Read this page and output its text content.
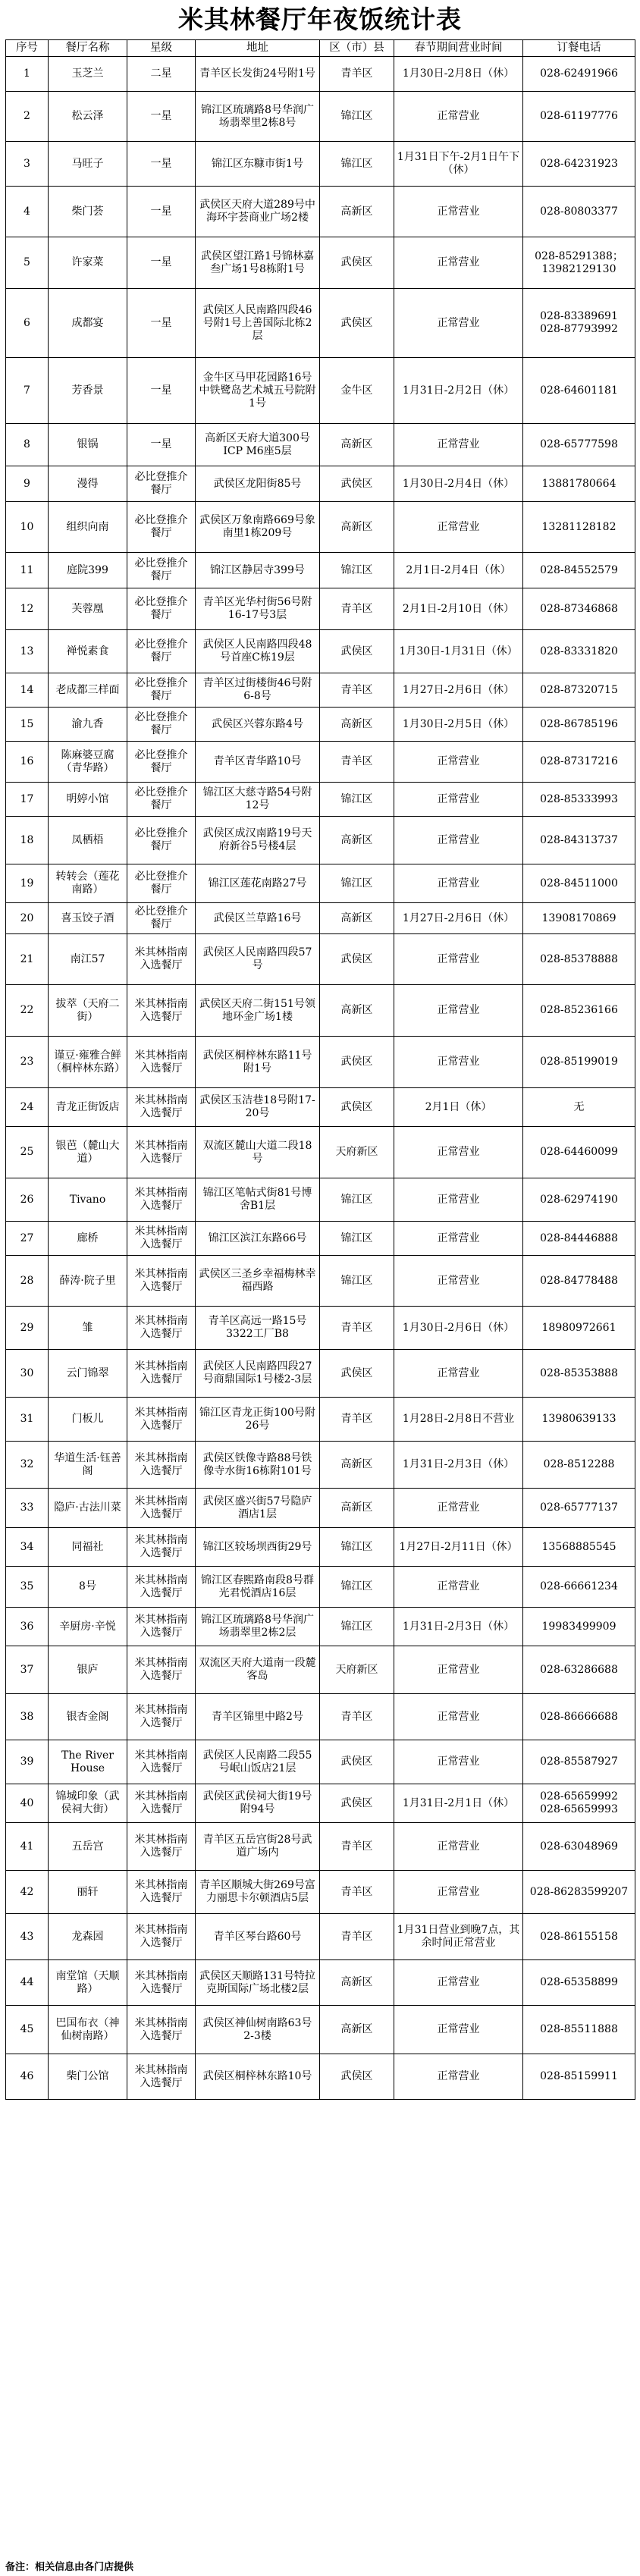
米其林餐厅年夜饭统计表
序号	餐厅名称	星级	地址	区（市）县	春节期间营业时间	订餐电话
1	玉芝兰	二星	青羊区长发街24号附1号	青羊区	1月30日-2月8日（休）	028-62491966
2	松云泽	一星	锦江区琉璃路8号华润广场翡翠里2栋8号	锦江区	正常营业	028-61197776
3	马旺子	一星	锦江区东糠市街1号	锦江区	1月31日下午-2月1日午下（休）	028-64231923
4	柴门荟	一星	武侯区天府大道289号中海环宇荟商业广场2楼	高新区	正常营业	028-80803377
5	许家菜	一星	武侯区望江路1号锦林嘉叁广场1号8栋附1号	武侯区	正常营业	028-85291388；13982129130
6	成都宴	一星	武侯区人民南路四段46号附1号上善国际北栋2层	武侯区	正常营业	028-83389691
028-87793992
7	芳香景	一星	金牛区马甲花园路16号中铁鹭岛艺术城五号院附1号	金牛区	1月31日-2月2日（休）	028-64601181
8	银锅	一星	高新区天府大道300号ICP M6座5层	高新区	正常营业	028-65777598
9	漫得	必比登推介餐厅	武侯区龙阳街85号	武侯区	1月30日-2月4日（休）	13881780664
10	组织向南	必比登推介餐厅	武侯区万象南路669号象南里1栋209号	高新区	正常营业	13281128182
11	庭院399	必比登推介餐厅	锦江区静居寺399号	锦江区	2月1日-2月4日（休）	028-84552579
12	芙蓉凰	必比登推介餐厅	青羊区光华村街56号附16-17号3层	青羊区	2月1日-2月10日（休）	028-87346868
13	禅悦素食	必比登推介餐厅	武侯区人民南路四段48号首座C栋19层	武侯区	1月30日-1月31日（休）	028-83331820
14	老成都三样面	必比登推介餐厅	青羊区过街楼街46号附6-8号	青羊区	1月27日-2月6日（休）	028-87320715
15	渝九香	必比登推介餐厅	武侯区兴蓉东路4号	高新区	1月30日-2月5日（休）	028-86785196
16	陈麻婆豆腐（青华路）	必比登推介餐厅	青羊区青华路10号	青羊区	正常营业	028-87317216
17	明婷小馆	必比登推介餐厅	锦江区大慈寺路54号附12号	锦江区	正常营业	028-85333993
18	凤栖梧	必比登推介餐厅	武侯区成汉南路19号天府新谷5号楼4层	高新区	正常营业	028-84313737
19	转转会（莲花南路）	必比登推介餐厅	锦江区莲花南路27号	锦江区	正常营业	028-84511000
20	喜玉饺子酒	必比登推介餐厅	武侯区兰草路16号	高新区	1月27日-2月6日（休）	13908170869
21	南江57	米其林指南入选餐厅	武侯区人民南路四段57号	武侯区	正常营业	028-85378888
22	拔萃（天府二街）	米其林指南入选餐厅	武侯区天府二街151号领地环金广场1楼	高新区	正常营业	028-85236166
23	谨豆·雍雅合鲜（桐梓林东路）	米其林指南入选餐厅	武侯区桐梓林东路11号附1号	武侯区	正常营业	028-85199019
24	青龙正街饭店	米其林指南入选餐厅	武侯区玉洁巷18号附17-20号	武侯区	2月1日（休）	无
25	银芭（麓山大道）	米其林指南入选餐厅	双流区麓山大道二段18号	天府新区	正常营业	028-64460099
26	Tivano	米其林指南入选餐厅	锦江区笔帖式街81号博舍B1层	锦江区	正常营业	028-62974190
27	廊桥	米其林指南入选餐厅	锦江区滨江东路66号	锦江区	正常营业	028-84446888
28	薛涛·院子里	米其林指南入选餐厅	武侯区三圣乡幸福梅林幸福西路	锦江区	正常营业	028-84778488
29	雏	米其林指南入选餐厅	青羊区高远一路15号3322工厂B8	青羊区	1月30日-2月6日（休）	18980972661
30	云门锦翠	米其林指南入选餐厅	武侯区人民南路四段27号商鼎国际1号楼2-3层	武侯区	正常营业	028-85353888
31	门板儿	米其林指南入选餐厅	锦江区青龙正街100号附26号	青羊区	1月28日-2月8日不营业	13980639133
32	华道生活·钰善阁	米其林指南入选餐厅	武侯区铁像寺路88号铁像寺水街16栋附101号	高新区	1月31日-2月3日（休）	028-8512288
33	隐庐·古法川菜	米其林指南入选餐厅	武侯区盛兴街57号隐庐酒店1层	高新区	正常营业	028-65777137
34	同福社	米其林指南入选餐厅	锦江区较场坝西街29号	锦江区	1月27日-2月11日（休）	13568885545
35	8号	米其林指南入选餐厅	锦江区春熙路南段8号群光君悦酒店16层	锦江区	正常营业	028-66661234
36	辛厨房·辛悦	米其林指南入选餐厅	锦江区琉璃路8号华润广场翡翠里2栋2层	锦江区	1月31日-2月3日（休）	19983499909
37	银庐	米其林指南入选餐厅	双流区天府大道南一段麓客岛	天府新区	正常营业	028-63286688
38	银杏金阁	米其林指南入选餐厅	青羊区锦里中路2号	青羊区	正常营业	028-86666688
39	The River House	米其林指南入选餐厅	武侯区人民南路二段55号岷山饭店21层	武侯区	正常营业	028-85587927
40	锦城印象（武侯祠大街）	米其林指南入选餐厅	武侯区武侯祠大街19号附94号	武侯区	1月31日-2月1日（休）	028-65659992
028-65659993
41	五岳宫	米其林指南入选餐厅	青羊区五岳宫街28号武道广场内	青羊区	正常营业	028-63048969
42	丽轩	米其林指南入选餐厅	青羊区顺城大街269号富力丽思卡尔顿酒店5层	青羊区	正常营业	028-86283599207
43	龙森园	米其林指南入选餐厅	青羊区琴台路60号	青羊区	1月31日营业到晚7点，其余时间正常营业	028-86155158
44	南堂馆（天顺路）	米其林指南入选餐厅	武侯区天顺路131号特拉克斯国际广场北楼2层	高新区	正常营业	028-65358899
45	巴国布衣（神仙树南路）	米其林指南入选餐厅	武侯区神仙树南路63号2-3楼	高新区	正常营业	028-85511888
46	柴门公馆	米其林指南入选餐厅	武侯区桐梓林东路10号	武侯区	正常营业	028-85159911
备注：相关信息由各门店提供
